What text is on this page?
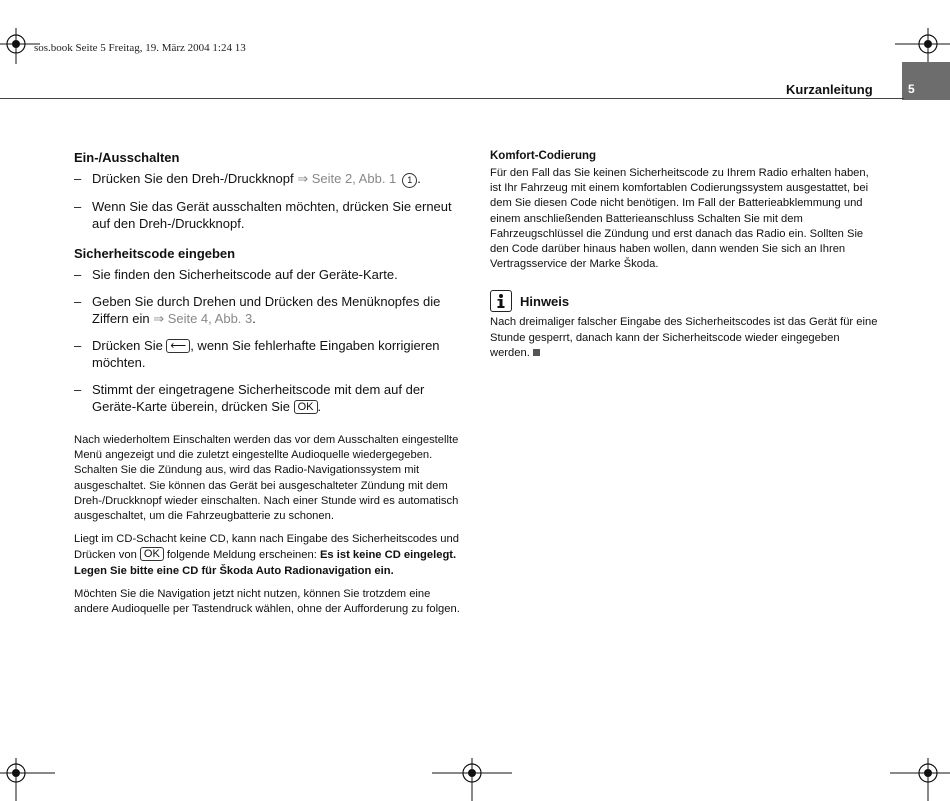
sos.book Seite 5 Freitag, 19. März 2004 1:24 13
Kurzanleitung	5
Ein-/Ausschalten
– Drücken Sie den Dreh-/Druckknopf ⇒ Seite 2, Abb. 1 1 .
– Wenn Sie das Gerät ausschalten möchten, drücken Sie erneut auf den Dreh-/Druckknopf.
Sicherheitscode eingeben
– Sie finden den Sicherheitscode auf der Geräte-Karte.
– Geben Sie durch Drehen und Drücken des Menüknopfes die Ziffern ein ⇒ Seite 4, Abb. 3.
– Drücken Sie ⟵ , wenn Sie fehlerhafte Eingaben korrigieren möchten.
– Stimmt der eingetragene Sicherheitscode mit dem auf der Geräte-Karte überein, drücken Sie OK .
Nach wiederholtem Einschalten werden das vor dem Ausschalten eingestellte Menü angezeigt und die zuletzt eingestellte Audioquelle wiedergegeben. Schalten Sie die Zündung aus, wird das Radio-Navigationssystem mit ausgeschaltet. Sie können das Gerät bei ausgeschalteter Zündung mit dem Dreh-/Druckknopf wieder einschalten. Nach einer Stunde wird es automatisch ausgeschaltet, um die Fahrzeugbatterie zu schonen.
Liegt im CD-Schacht keine CD, kann nach Eingabe des Sicherheitscodes und Drücken von OK folgende Meldung erscheinen: Es ist keine CD eingelegt. Legen Sie bitte eine CD für Škoda Auto Radionavigation ein.
Möchten Sie die Navigation jetzt nicht nutzen, können Sie trotzdem eine andere Audioquelle per Tastendruck wählen, ohne der Aufforderung zu folgen.
Komfort-Codierung
Für den Fall das Sie keinen Sicherheitscode zu Ihrem Radio erhalten haben, ist Ihr Fahrzeug mit einem komfortablen Codierungssystem ausgestattet, bei dem Sie diesen Code nicht benötigen. Im Fall der Batterieabklemmung und einem anschließenden Batterieanschluss Schalten Sie mit dem Fahrzeugschlüssel die Zündung und erst danach das Radio ein. Sollten Sie den Code darüber hinaus haben wollen, dann wenden Sie sich an Ihren Vertragsservice der Marke Škoda.
Hinweis
Nach dreimaliger falscher Eingabe des Sicherheitscodes ist das Gerät für eine Stunde gesperrt, danach kann der Sicherheitscode wieder eingegeben werden.
